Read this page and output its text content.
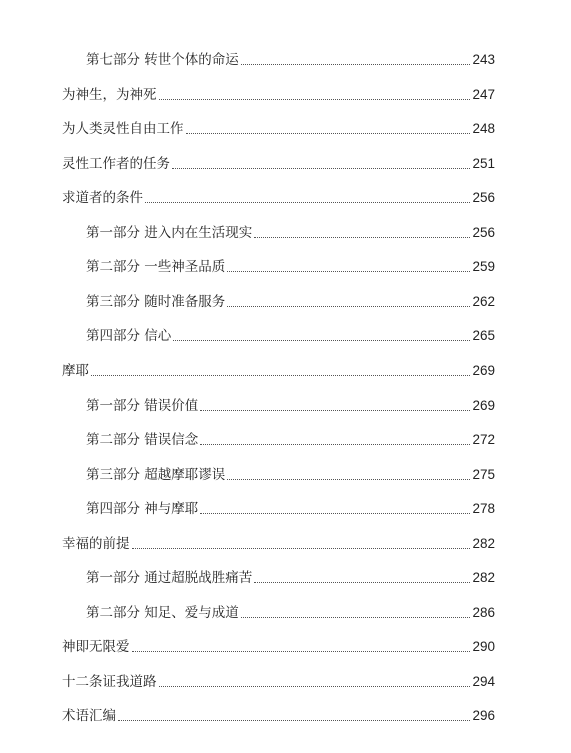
第七部分 转世个体的命运	243
为神生，为神死	247
为人类灵性自由工作	248
灵性工作者的任务	251
求道者的条件	256
第一部分 进入内在生活现实	256
第二部分 一些神圣品质	259
第三部分 随时准备服务	262
第四部分 信心	265
摩耶	269
第一部分 错误价值	269
第二部分 错误信念	272
第三部分 超越摩耶谬误	275
第四部分 神与摩耶	278
幸福的前提	282
第一部分 通过超脱战胜痛苦	282
第二部分 知足、爱与成道	286
神即无限爱	290
十二条证我道路	294
术语汇编	296
